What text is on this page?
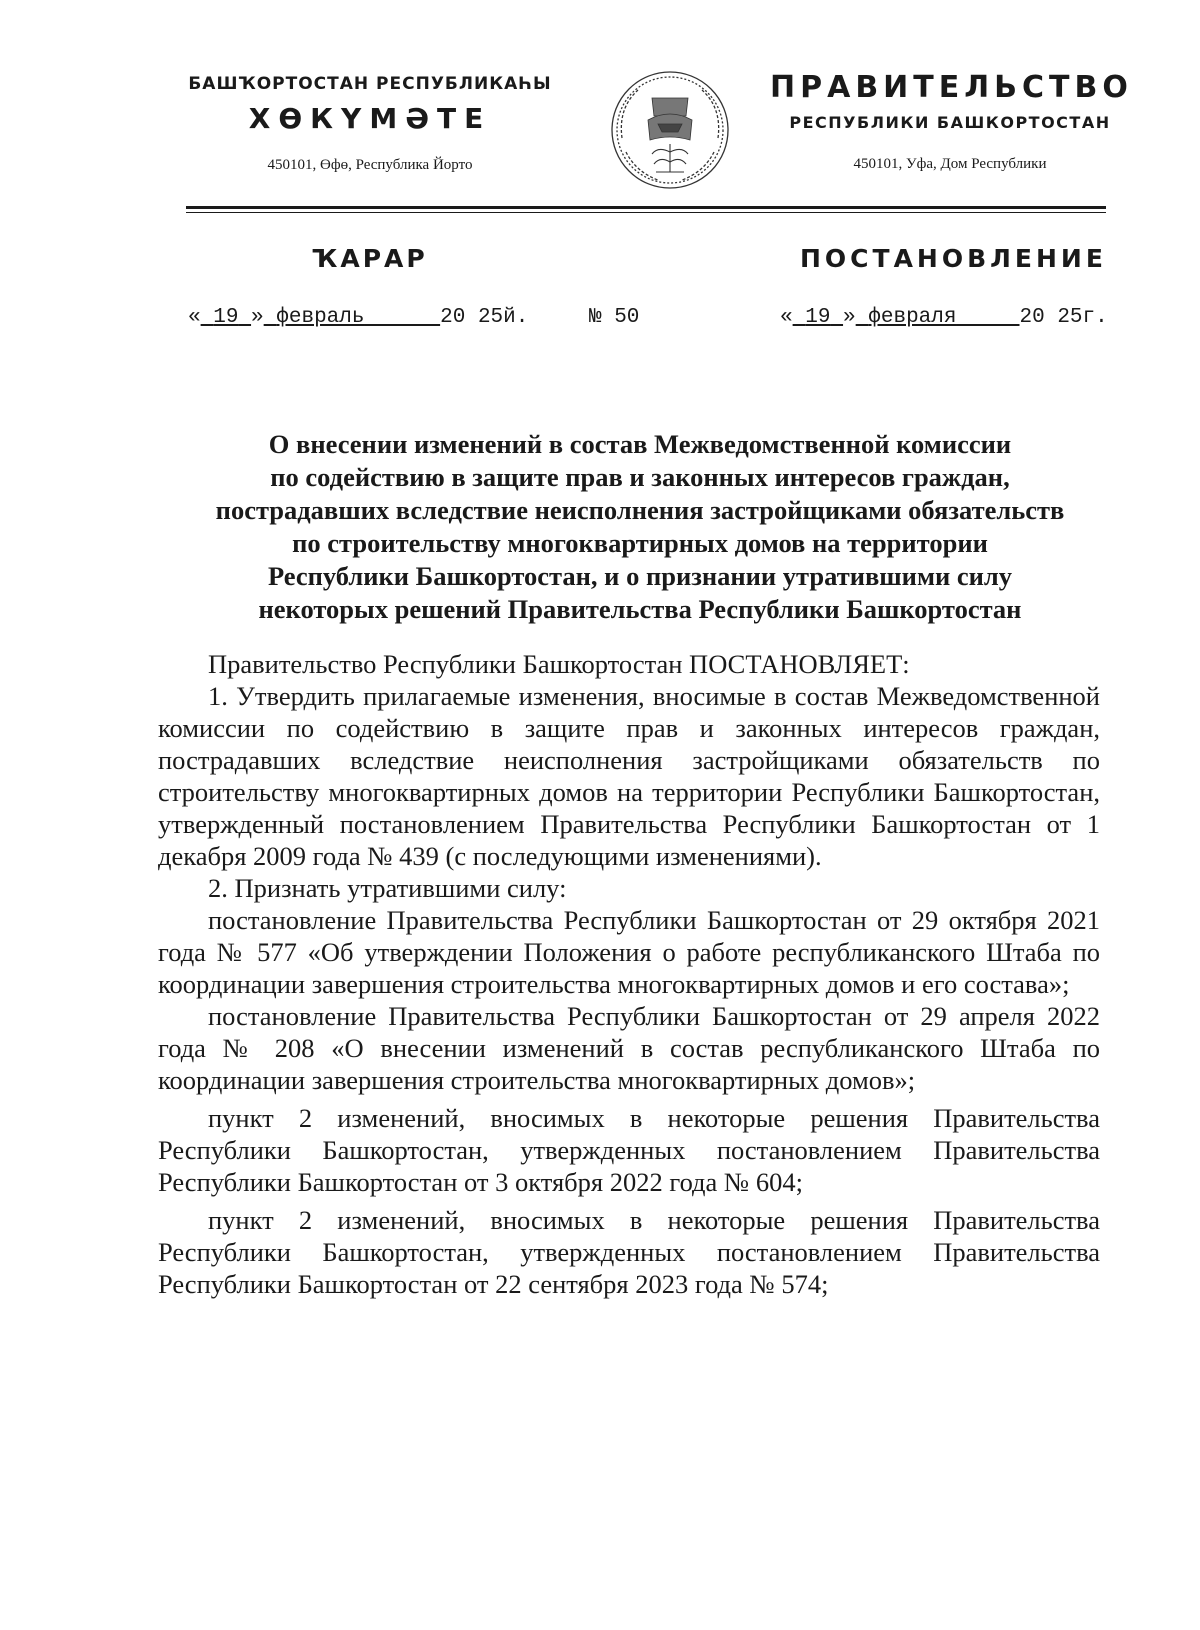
БАШҠОРТОСТАН РЕСПУБЛИКАҺЫ
ХӨКҮМӘТЕ
450101, Өфө, Республика Йорто
ПРАВИТЕЛЬСТВО
РЕСПУБЛИКИ БАШКОРТОСТАН
450101, Уфа, Дом Республики
ҠАРАР	ПОСТАНОВЛЕНИЕ
« 19 » февраль	20 25й.	№ 50	« 19 » февраля	20 25г.
О внесении изменений в состав Межведомственной комиссии
по содействию в защите прав и законных интересов граждан,
пострадавших вследствие неисполнения застройщиками обязательств
по строительству многоквартирных домов на территории
Республики Башкортостан, и о признании утратившими силу
некоторых решений Правительства Республики Башкортостан

Правительство Республики Башкортостан ПОСТАНОВЛЯЕТ:

1. Утвердить прилагаемые изменения, вносимые в состав Межведомственной комиссии по содействию в защите прав и законных интересов граждан, пострадавших вследствие неисполнения застройщиками обязательств по строительству многоквартирных домов на территории Республики Башкортостан, утвержденный постановлением Правительства Республики Башкортостан от 1 декабря 2009 года № 439 (с последующими изменениями).

2. Признать утратившими силу:

постановление Правительства Республики Башкортостан от 29 октября 2021 года № 577 «Об утверждении Положения о работе республиканского Штаба по координации завершения строительства многоквартирных домов и его состава»;

постановление Правительства Республики Башкортостан от 29 апреля 2022 года № 208 «О внесении изменений в состав республиканского Штаба по координации завершения строительства многоквартирных домов»;

пункт 2 изменений, вносимых в некоторые решения Правительства Республики Башкортостан, утвержденных постановлением Правительства Республики Башкортостан от 3 октября 2022 года № 604;

пункт 2 изменений, вносимых в некоторые решения Правительства Республики Башкортостан, утвержденных постановлением Правительства Республики Башкортостан от 22 сентября 2023 года № 574;
